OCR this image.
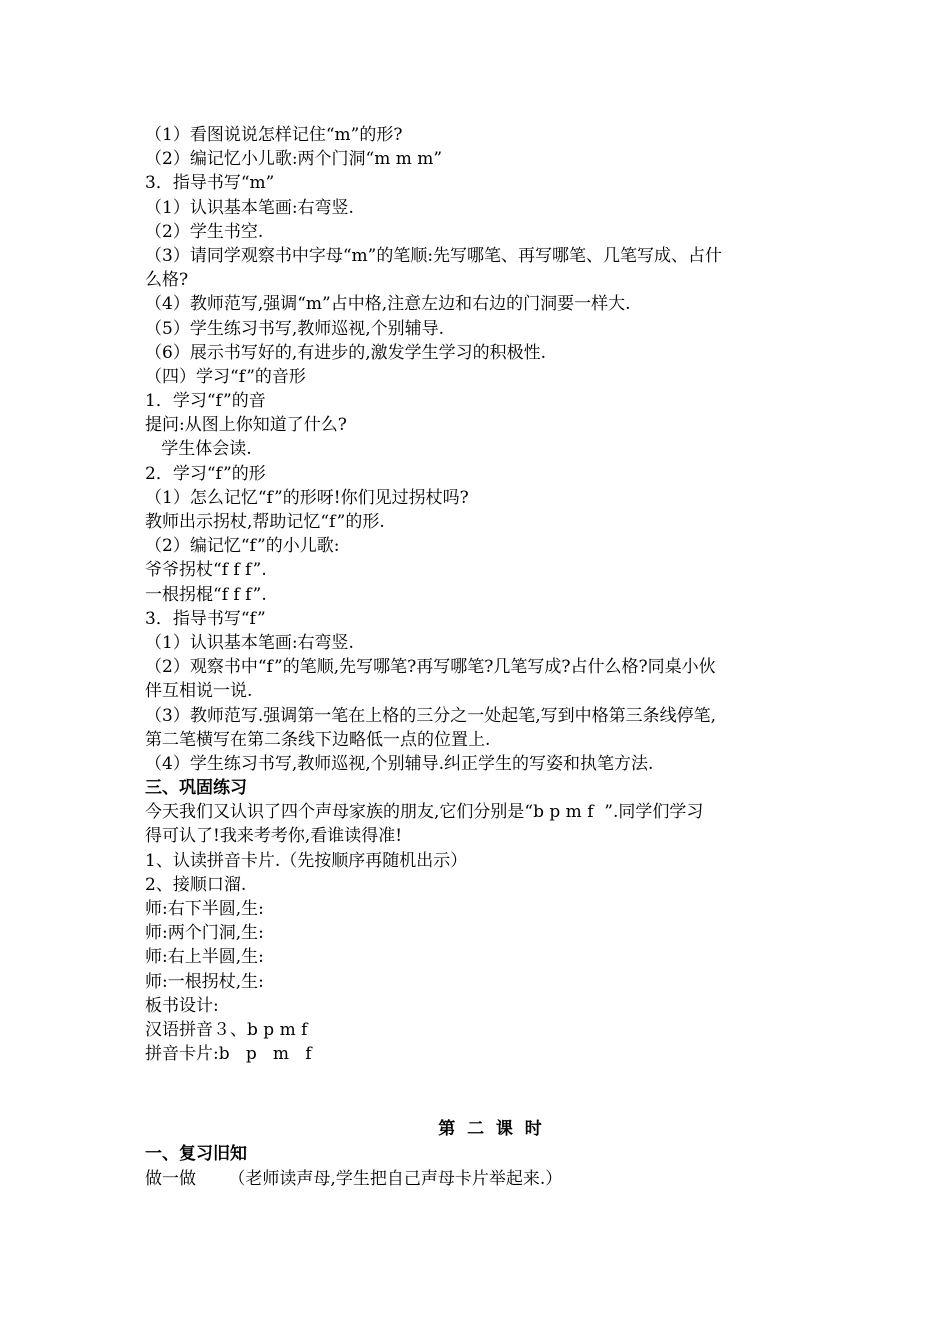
（1）看图说说怎样记住“m”的形?
（2）编记忆小儿歌:两个门洞“m m m”
3．指导书写“m”
（1）认识基本笔画:右弯竖.
（2）学生书空.
（3）请同学观察书中字母“m”的笔顺:先写哪笔、再写哪笔、几笔写成、占什
么格?
（4）教师范写,强调“m”占中格,注意左边和右边的门洞要一样大.
（5）学生练习书写,教师巡视,个别辅导.
（6）展示书写好的,有进步的,激发学生学习的积极性.
（四）学习“f”的音形
1．学习“f”的音
提问:从图上你知道了什么?
学生体会读.
2．学习“f”的形
（1）怎么记忆“f”的形呀!你们见过拐杖吗?
教师出示拐杖,帮助记忆“f”的形.
（2）编记忆“f”的小儿歌:
爷爷拐杖“f f f”.
一根拐棍“f f f”.
3．指导书写“f”
（1）认识基本笔画:右弯竖.
（2）观察书中“f”的笔顺,先写哪笔?再写哪笔?几笔写成?占什么格?同桌小伙
伴互相说一说.
（3）教师范写.强调第一笔在上格的三分之一处起笔,写到中格第三条线停笔,
第二笔横写在第二条线下边略低一点的位置上.
（4）学生练习书写,教师巡视,个别辅导.纠正学生的写姿和执笔方法.
三、巩固练习
今天我们又认识了四个声母家族的朋友,它们分别是“b p m f  ”.同学们学习
得可认了!我来考考你,看谁读得准!
1、认读拼音卡片.（先按顺序再随机出示）
2、接顺口溜.
师:右下半圆,生:
师:两个门洞,生:
师:右上半圆,生:
师:一根拐杖,生:
板书设计:
汉语拼音３、b p m f
拼音卡片:b   p   m   f
第  二  课  时
一、复习旧知
做一做      （老师读声母,学生把自己声母卡片举起来.）
